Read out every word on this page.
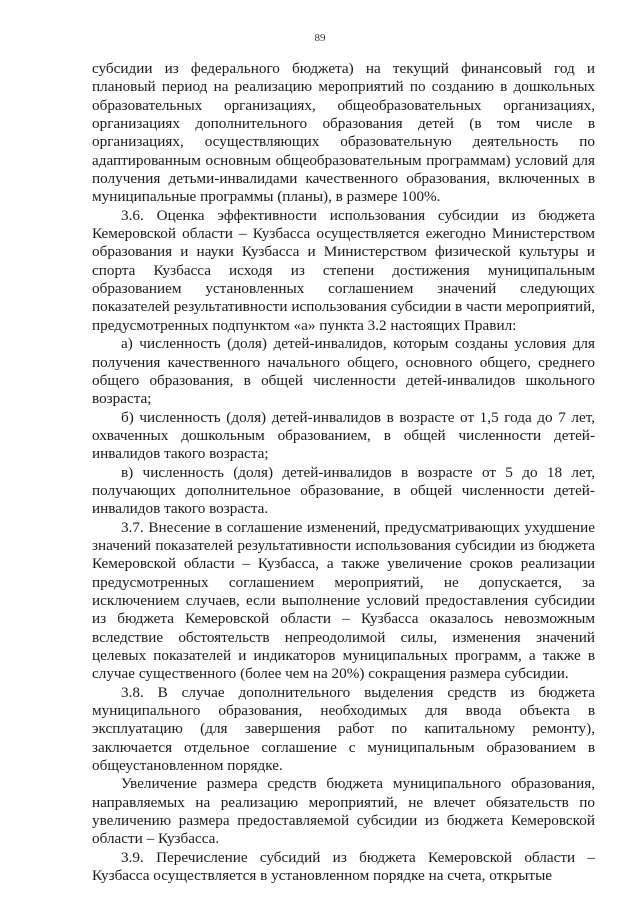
89

субсидии из федерального бюджета) на текущий финансовый год и плановый период на реализацию мероприятий по созданию в дошкольных образовательных организациях, общеобразовательных организациях, организациях дополнительного образования детей (в том числе в организациях, осуществляющих образовательную деятельность по адаптированным основным общеобразовательным программам) условий для получения детьми-инвалидами качественного образования, включенных в муниципальные программы (планы), в размере 100%.

3.6. Оценка эффективности использования субсидии из бюджета Кемеровской области – Кузбасса осуществляется ежегодно Министерством образования и науки Кузбасса и Министерством физической культуры и спорта Кузбасса исходя из степени достижения муниципальным образованием установленных соглашением значений следующих показателей результативности использования субсидии в части мероприятий, предусмотренных подпунктом «а» пункта 3.2 настоящих Правил:

а) численность (доля) детей-инвалидов, которым созданы условия для получения качественного начального общего, основного общего, среднего общего образования, в общей численности детей-инвалидов школьного возраста;

б) численность (доля) детей-инвалидов в возрасте от 1,5 года до 7 лет, охваченных дошкольным образованием, в общей численности детей-инвалидов такого возраста;

в) численность (доля) детей-инвалидов в возрасте от 5 до 18 лет, получающих дополнительное образование, в общей численности детей-инвалидов такого возраста.

3.7. Внесение в соглашение изменений, предусматривающих ухудшение значений показателей результативности использования субсидии из бюджета Кемеровской области – Кузбасса, а также увеличение сроков реализации предусмотренных соглашением мероприятий, не допускается, за исключением случаев, если выполнение условий предоставления субсидии из бюджета Кемеровской области – Кузбасса оказалось невозможным вследствие обстоятельств непреодолимой силы, изменения значений целевых показателей и индикаторов муниципальных программ, а также в случае существенного (более чем на 20%) сокращения размера субсидии.

3.8. В случае дополнительного выделения средств из бюджета муниципального образования, необходимых для ввода объекта в эксплуатацию (для завершения работ по капитальному ремонту), заключается отдельное соглашение с муниципальным образованием в общеустановленном порядке.

Увеличение размера средств бюджета муниципального образования, направляемых на реализацию мероприятий, не влечет обязательств по увеличению размера предоставляемой субсидии из бюджета Кемеровской области – Кузбасса.

3.9. Перечисление субсидий из бюджета Кемеровской области – Кузбасса осуществляется в установленном порядке на счета, открытые
